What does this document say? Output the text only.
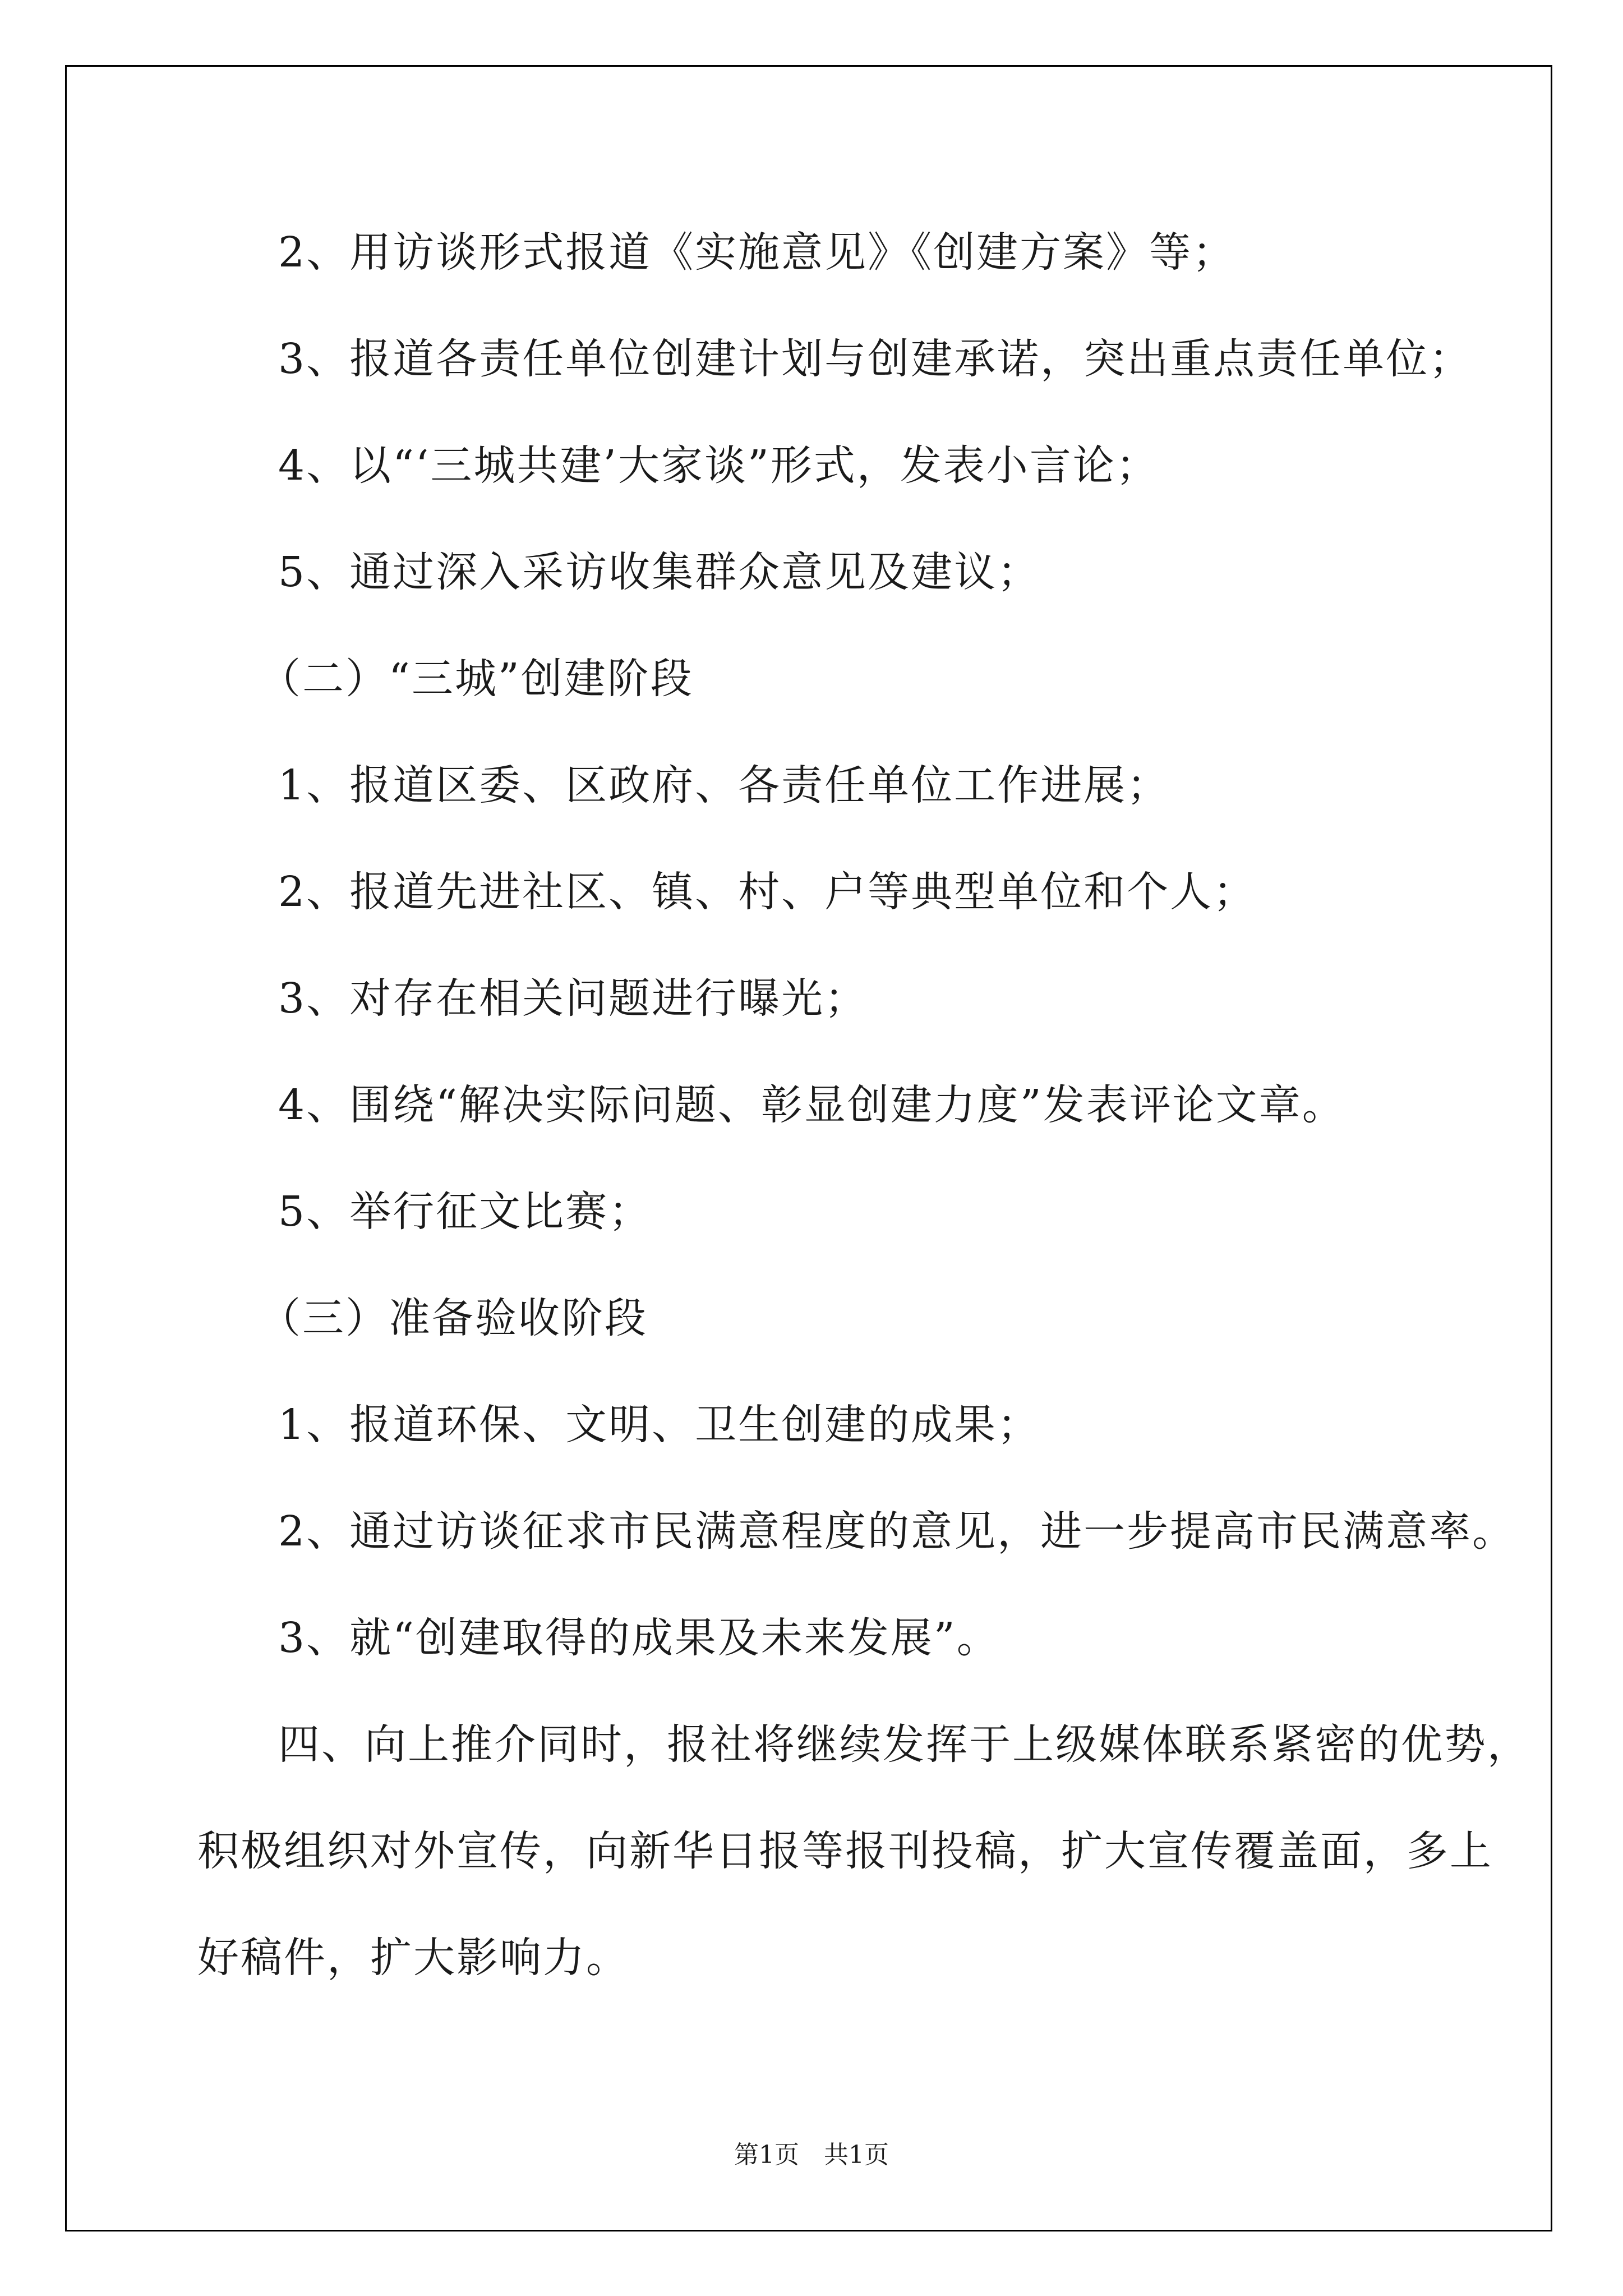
2、用访谈形式报道《实施意见》《创建方案》等；

3、报道各责任单位创建计划与创建承诺，突出重点责任单位；

4、以“‘三城共建’大家谈”形式，发表小言论；

5、通过深入采访收集群众意见及建议；

（二）“三城”创建阶段

1、报道区委、区政府、各责任单位工作进展；

2、报道先进社区、镇、村、户等典型单位和个人；

3、对存在相关问题进行曝光；

4、围绕“解决实际问题、彰显创建力度”发表评论文章。

5、举行征文比赛；

（三）准备验收阶段

1、报道环保、文明、卫生创建的成果；

2、通过访谈征求市民满意程度的意见，进一步提高市民满意率。

3、就“创建取得的成果及未来发展”。

四、向上推介同时，报社将继续发挥于上级媒体联系紧密的优势，

积极组织对外宣传，向新华日报等报刊投稿，扩大宣传覆盖面，多上

好稿件，扩大影响力。

第1页　共1页
